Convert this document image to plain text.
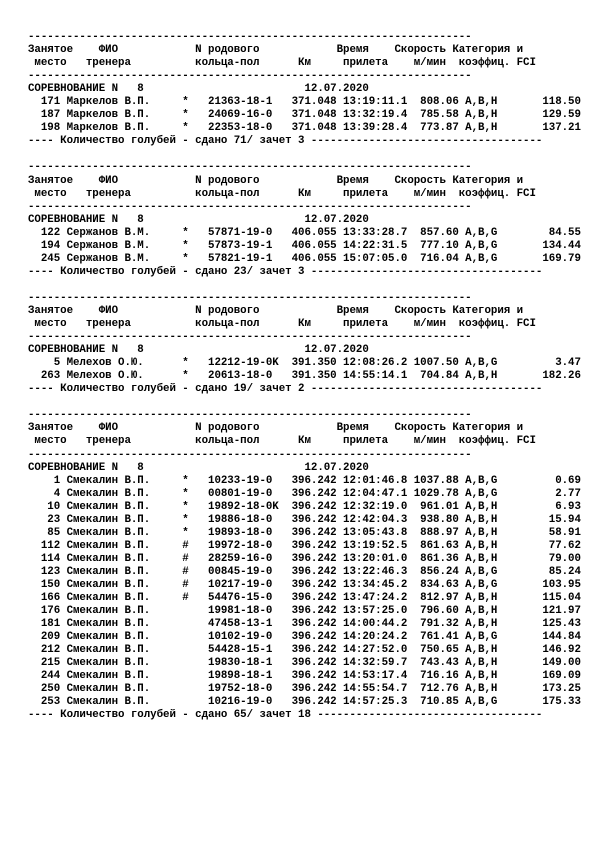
---------------------------------------------------------------------
Занятое    ФИО            N родового            Время    Скорость Категория и
место   тренера          кольца-пол      Км     прилета    м/мин  коэффиц. FCI
---------------------------------------------------------------------
СОРЕВНОВАНИЕ N   8                         12.07.2020
171 Маркелов В.П.     *   21363-18-1   371.048 13:19:11.1  808.06 A,B,H       118.50
187 Маркелов В.П.     *   24069-16-0   371.048 13:32:19.4  785.58 A,B,H       129.59
198 Маркелов В.П.     *   22353-18-0   371.048 13:39:28.4  773.87 A,B,H       137.21
---- Количество голубей - сдано 71/ зачет 3 ------------------------------------
---------------------------------------------------------------------
Занятое    ФИО            N родового            Время    Скорость Категория и
место   тренера          кольца-пол      Км     прилета    м/мин  коэффиц. FCI
---------------------------------------------------------------------
СОРЕВНОВАНИЕ N   8                         12.07.2020
122 Сержанов В.М.     *   57871-19-0   406.055 13:33:28.7  857.60 A,B,G        84.55
194 Сержанов В.М.     *   57873-19-1   406.055 14:22:31.5  777.10 A,B,G       134.44
245 Сержанов В.М.     *   57821-19-1   406.055 15:07:05.0  716.04 A,B,G       169.79
---- Количество голубей - сдано 23/ зачет 3 ------------------------------------
---------------------------------------------------------------------
Занятое    ФИО            N родового            Время    Скорость Категория и
место   тренера          кольца-пол      Км     прилета    м/мин  коэффиц. FCI
---------------------------------------------------------------------
СОРЕВНОВАНИЕ N   8                         12.07.2020
5 Мелехов О.Ю.      *   12212-19-0K  391.350 12:08:26.2 1007.50 A,B,G         3.47
263 Мелехов О.Ю.      *   20613-18-0   391.350 14:55:14.1  704.84 A,B,H       182.26
---- Количество голубей - сдано 19/ зачет 2 ------------------------------------
---------------------------------------------------------------------
Занятое    ФИО            N родового            Время    Скорость Категория и
место   тренера          кольца-пол      Км     прилета    м/мин  коэффиц. FCI
---------------------------------------------------------------------
СОРЕВНОВАНИЕ N   8                         12.07.2020
1 Смекалин В.П.     *   10233-19-0   396.242 12:01:46.8 1037.88 A,B,G         0.69
4 Смекалин В.П.     *   00801-19-0   396.242 12:04:47.1 1029.78 A,B,G         2.77
10 Смекалин В.П.     *   19892-18-0K  396.242 12:32:19.0  961.01 A,B,H         6.93
23 Смекалин В.П.     *   19886-18-0   396.242 12:42:04.3  938.80 A,B,H        15.94
85 Смекалин В.П.     *   19893-18-0   396.242 13:05:43.8  888.97 A,B,H        58.91
112 Смекалин В.П.     #   19972-18-0   396.242 13:19:52.5  861.63 A,B,H        77.62
114 Смекалин В.П.     #   28259-16-0   396.242 13:20:01.0  861.36 A,B,H        79.00
123 Смекалин В.П.     #   00845-19-0   396.242 13:22:46.3  856.24 A,B,G        85.24
150 Смекалин В.П.     #   10217-19-0   396.242 13:34:45.2  834.63 A,B,G       103.95
166 Смекалин В.П.     #   54476-15-0   396.242 13:47:24.2  812.97 A,B,H       115.04
176 Смекалин В.П.         19981-18-0   396.242 13:57:25.0  796.60 A,B,H       121.97
181 Смекалин В.П.         47458-13-1   396.242 14:00:44.2  791.32 A,B,H       125.43
209 Смекалин В.П.         10102-19-0   396.242 14:20:24.2  761.41 A,B,G       144.84
212 Смекалин В.П.         54428-15-1   396.242 14:27:52.0  750.65 A,B,H       146.92
215 Смекалин В.П.         19830-18-1   396.242 14:32:59.7  743.43 A,B,H       149.00
244 Смекалин В.П.         19898-18-1   396.242 14:53:17.4  716.16 A,B,H       169.09
250 Смекалин В.П.         19752-18-0   396.242 14:55:54.7  712.76 A,B,H       173.25
253 Смекалин В.П.         10216-19-0   396.242 14:57:25.3  710.85 A,B,G       175.33
---- Количество голубей - сдано 65/ зачет 18 -----------------------------------
